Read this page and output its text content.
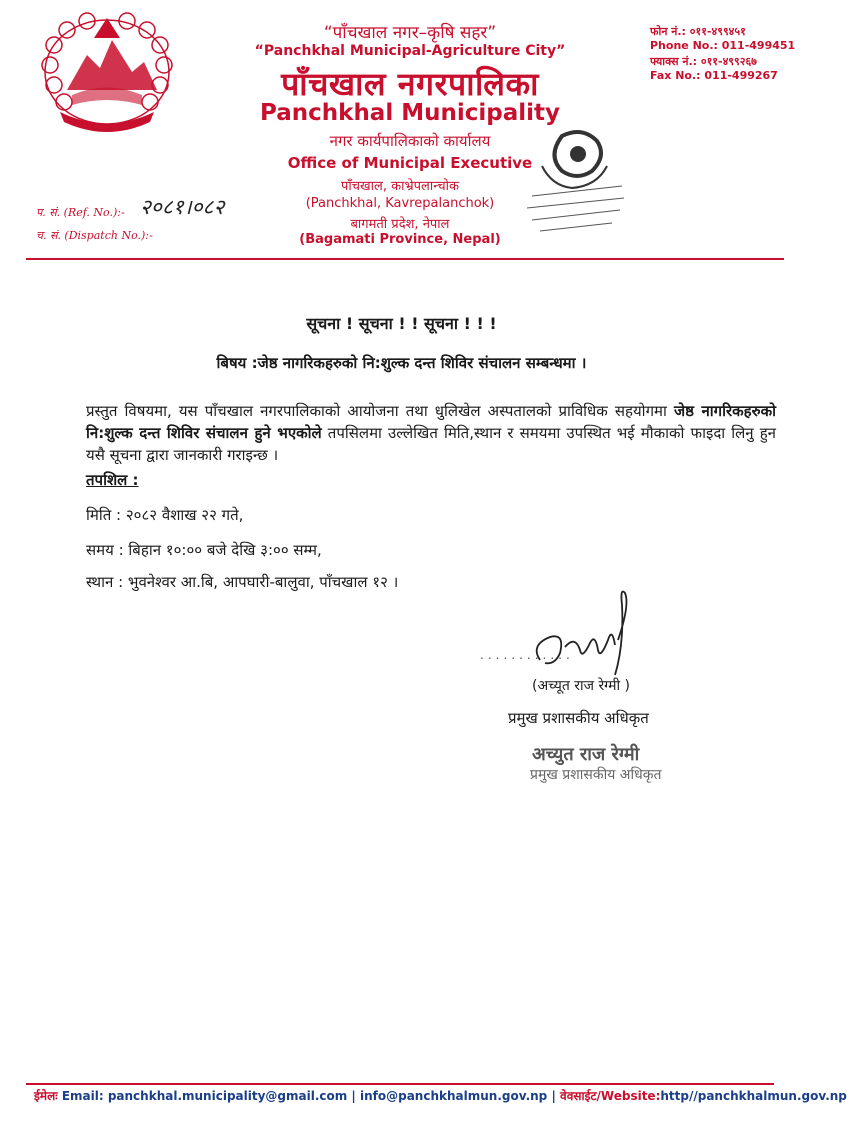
“पाँचखाल नगर–कृषि सहर”
“Panchkhal Municipal-Agriculture City”
पाँचखाल नगरपालिका
Panchkhal Municipality
नगर कार्यपालिकाको कार्यालय
Office of Municipal Executive
पाँचखाल, काभ्रेपलान्चोक
(Panchkhal, Kavrepalanchok)
बागमती प्रदेश, नेपाल
(Bagamati Province, Nepal)
फोन नं.: ०११-४९९४५१
Phone No.: 011-499451
फ्याक्स नं.: ०११-४९९२६७
Fax No.: 011-499267
प. सं. (Ref. No.):- २०८१।०८२
च. सं. (Dispatch No.):-
सूचना ! सूचना ! ! सूचना ! ! !
बिषय :जेष्ठ नागरिकहरुको नि:शुल्क दन्त शिविर संचालन सम्बन्धमा ।
प्रस्तुत विषयमा, यस पाँचखाल नगरपालिकाको आयोजना तथा धुलिखेल अस्पतालको प्राविधिक सहयोगमा जेष्ठ नागरिकहरुको नि:शुल्क दन्त शिविर संचालन हुने भएकोले तपसिलमा उल्लेखित मिति,स्थान र समयमा उपस्थित भई मौकाको फाइदा लिनु हुन यसै सूचना द्वारा जानकारी गराइन्छ ।
तपशिल :
मिति : २०८२ वैशाख २२ गते,
समय : बिहान १०:०० बजे देखि ३:०० सम्म,
स्थान : भुवनेश्वर आ.बि, आपघारी-बालुवा, पाँचखाल १२ ।
............
(अच्यूत राज रेग्मी )
प्रमुख प्रशासकीय अधिकृत
अच्युत राज रेग्मी
प्रमुख प्रशासकीय अधिकृत
ईमेलः Email: panchkhal.municipality@gmail.com | info@panchkhalmun.gov.np | वेवसाईट/Website:http//panchkhalmun.gov.np
